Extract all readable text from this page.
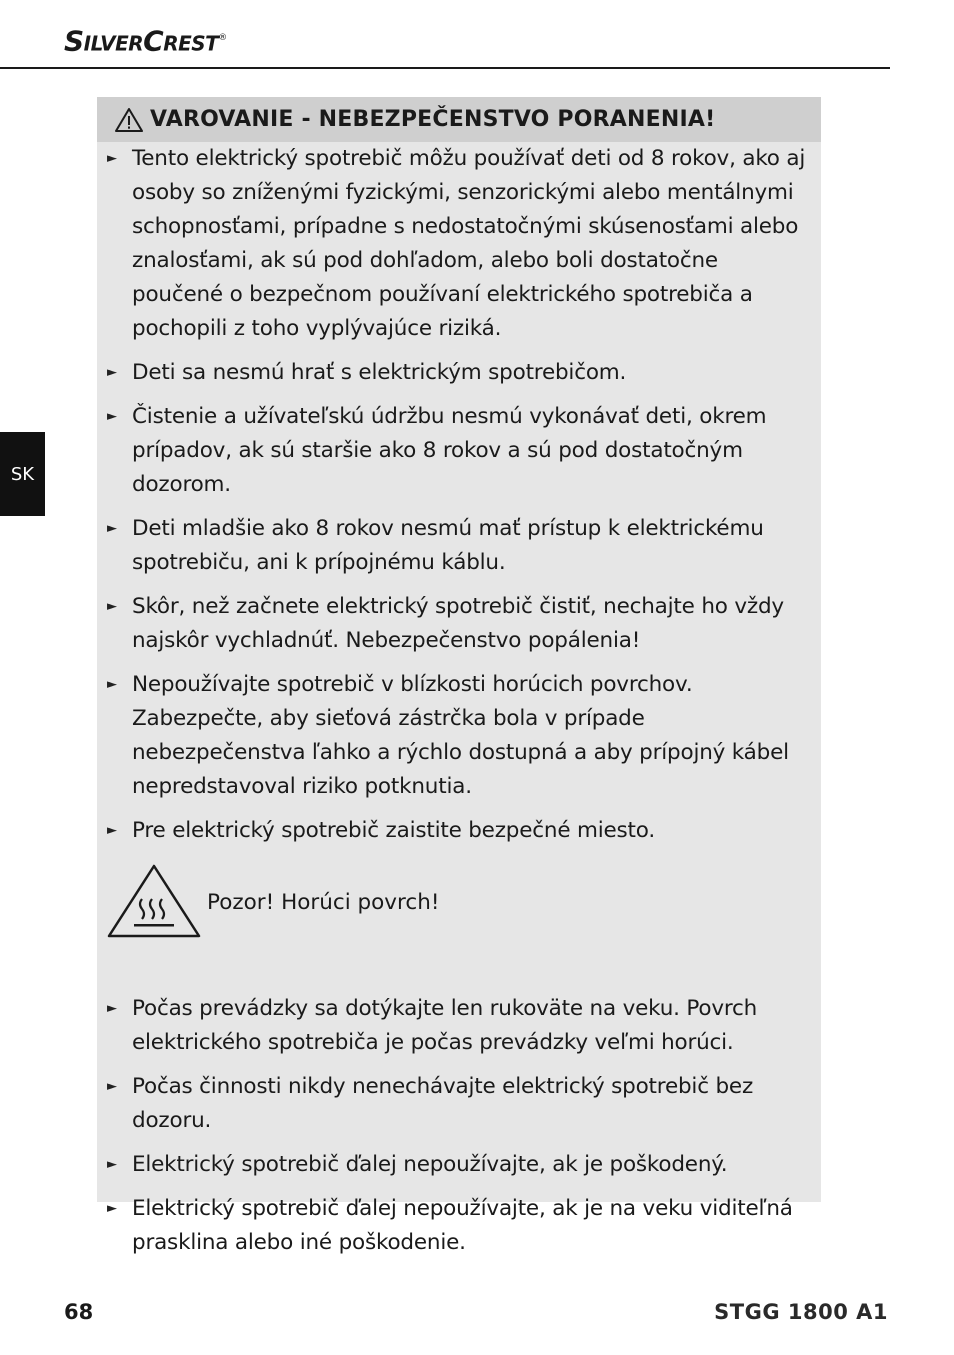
SilverCrest®
SK
VAROVANIE - NEBEZPEČENSTVO PORANENIA!
► Tento elektrický spotrebič môžu používať deti od 8 rokov, ako aj osoby so zníženými fyzickými, senzorickými alebo mentálnymi schopnosťami, prípadne s nedostatočnými skúsenosťami alebo znalosťami, ak sú pod dohľadom, alebo boli dostatočne poučené o bezpečnom používaní elektrického spotrebiča a pochopili z toho vyplývajúce riziká.
► Deti sa nesmú hrať s elektrickým spotrebičom.
► Čistenie a užívateľskú údržbu nesmú vykonávať deti, okrem prípadov, ak sú staršie ako 8 rokov a sú pod dostatočným dozorom.
► Deti mladšie ako 8 rokov nesmú mať prístup k elektrickému spotrebiču, ani k prípojnému káblu.
► Skôr, než začnete elektrický spotrebič čistiť, nechajte ho vždy najskôr vychladnúť. Nebezpečenstvo popálenia!
► Nepoužívajte spotrebič v blízkosti horúcich povrchov. Zabezpečte, aby sieťová zástrčka bola v prípade nebezpečenstva ľahko a rýchlo dostupná a aby prípojný kábel nepredstavoval riziko potknutia.
► Pre elektrický spotrebič zaistite bezpečné miesto.
Pozor! Horúci povrch!
► Počas prevádzky sa dotýkajte len rukoväte na veku. Povrch elektrického spotrebiča je počas prevádzky veľmi horúci.
► Počas činnosti nikdy nenechávajte elektrický spotrebič bez dozoru.
► Elektrický spotrebič ďalej nepoužívajte, ak je poškodený.
► Elektrický spotrebič ďalej nepoužívajte, ak je na veku viditeľná prasklina alebo iné poškodenie.
68	STGG 1800 A1
